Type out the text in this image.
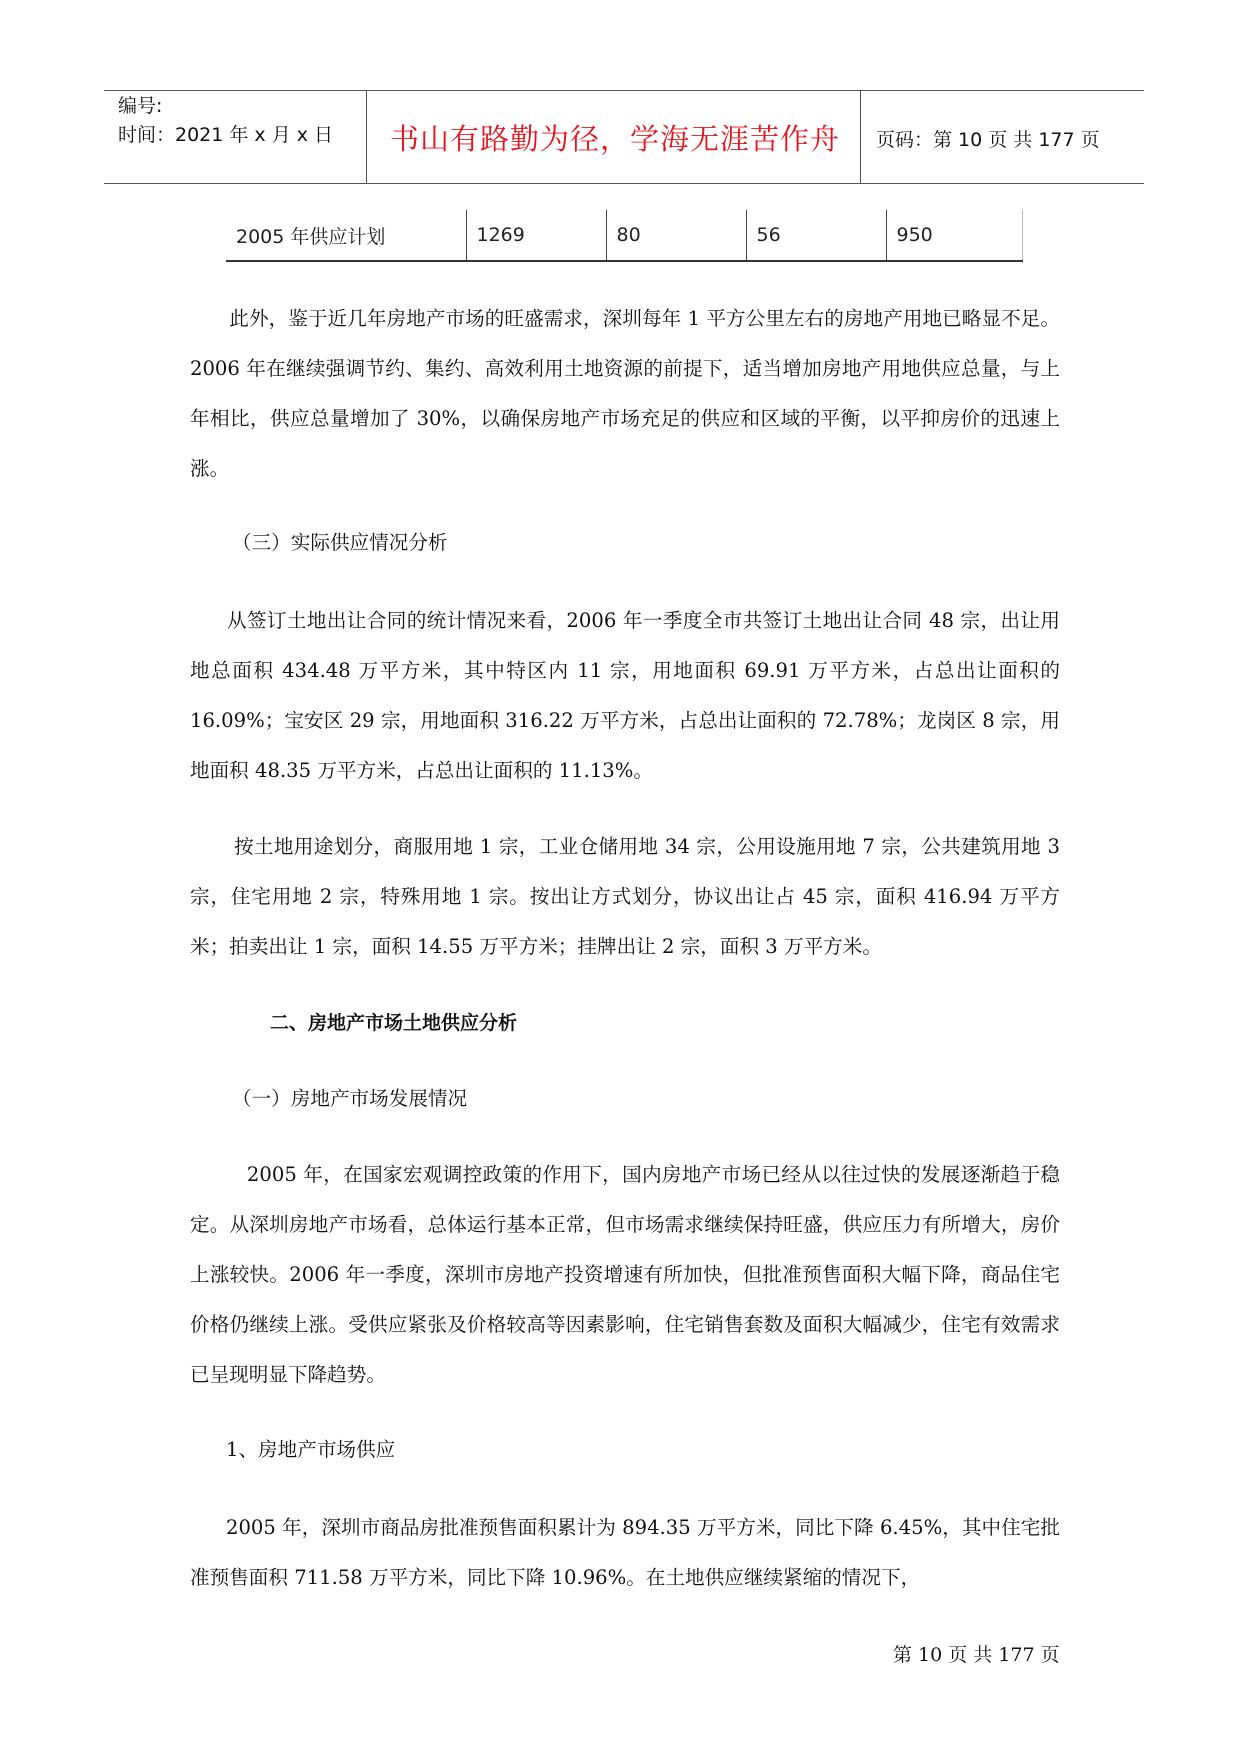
编号:
时间：2021 年 x 月 x 日	书山有路勤为径，学海无涯苦作舟	页码：第 10 页 共 177 页
2005 年供应计划	1269	80	56	950

　　此外，鉴于近几年房地产市场的旺盛需求，深圳每年 1 平方公里左右的房地产用地已略显不足。2006 年在继续强调节约、集约、高效利用土地资源的前提下，适当增加房地产用地供应总量，与上年相比，供应总量增加了 30%，以确保房地产市场充足的供应和区域的平衡，以平抑房价的迅速上涨。

（三）实际供应情况分析

从签订土地出让合同的统计情况来看，2006 年一季度全市共签订土地出让合同 48 宗，出让用地总面积 434.48 万平方米，其中特区内 11 宗，用地面积 69.91 万平方米，占总出让面积的 16.09%；宝安区 29 宗，用地面积 316.22 万平方米，占总出让面积的 72.78%；龙岗区 8 宗，用地面积 48.35 万平方米，占总出让面积的 11.13%。

按土地用途划分，商服用地 1 宗，工业仓储用地 34 宗，公用设施用地 7 宗，公共建筑用地 3 宗，住宅用地 2 宗，特殊用地 1 宗。按出让方式划分，协议出让占 45 宗，面积 416.94 万平方米；拍卖出让 1 宗，面积 14.55 万平方米；挂牌出让 2 宗，面积 3 万平方米。

二、房地产市场土地供应分析

（一）房地产市场发展情况

　2005 年，在国家宏观调控政策的作用下，国内房地产市场已经从以往过快的发展逐渐趋于稳定。从深圳房地产市场看，总体运行基本正常，但市场需求继续保持旺盛，供应压力有所增大，房价上涨较快。2006 年一季度，深圳市房地产投资增速有所加快，但批准预售面积大幅下降，商品住宅价格仍继续上涨。受供应紧张及价格较高等因素影响，住宅销售套数及面积大幅减少，住宅有效需求已呈现明显下降趋势。

1、房地产市场供应

2005 年，深圳市商品房批准预售面积累计为 894.35 万平方米，同比下降 6.45%，其中住宅批准预售面积 711.58 万平方米，同比下降 10.96%。在土地供应继续紧缩的情况下，

第 10 页 共 177 页
